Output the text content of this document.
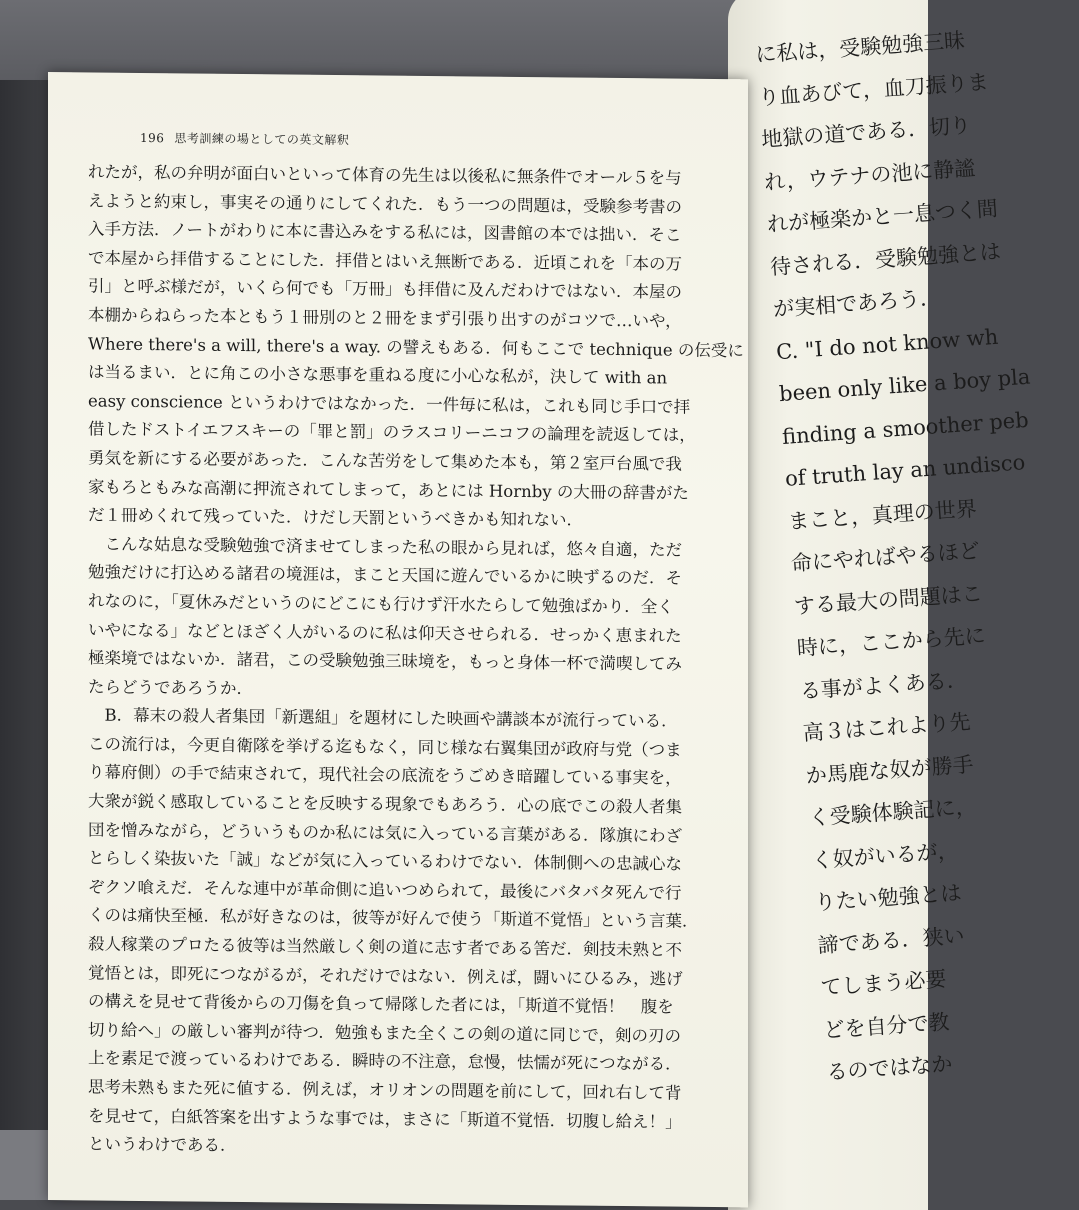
に私は，受験勉強三昧
り血あびて，血刀振りま
地獄の道である．切り
れ，ウテナの池に静謐
れが極楽かと一息つく間
待される．受験勉強とは
が実相であろう．
C. "I do not know wh
been only like a boy pla
finding a smoother peb
of truth lay an undisco
まこと，真理の世界
命にやればやるほど
する最大の問題はこ
時に，ここから先に
る事がよくある．
高３はこれより先
か馬鹿な奴が勝手
く受験体験記に，
く奴がいるが，
りたい勉強とは
諦である．狭い
てしまう必要
どを自分で教
るのではなか
196 思考訓練の場としての英文解釈
れたが，私の弁明が面白いといって体育の先生は以後私に無条件でオール５を与
えようと約束し，事実その通りにしてくれた．もう一つの問題は，受験参考書の
入手方法．ノートがわりに本に書込みをする私には，図書館の本では拙い．そこ
で本屋から拝借することにした．拝借とはいえ無断である．近頃これを「本の万
引」と呼ぶ様だが，いくら何でも「万冊」も拝借に及んだわけではない．本屋の
本棚からねらった本ともう１冊別のと２冊をまず引張り出すのがコツで…いや，
Where there's a will, there's a way. の譬えもある．何もここで technique の伝受に
は当るまい．とに角この小さな悪事を重ねる度に小心な私が，決して with an
easy conscience というわけではなかった．一件毎に私は，これも同じ手口で拝
借したドストイエフスキーの「罪と罰」のラスコリーニコフの論理を読返しては，
勇気を新にする必要があった．こんな苦労をして集めた本も，第２室戸台風で我
家もろともみな高潮に押流されてしまって，あとには Hornby の大冊の辞書がた
だ１冊めくれて残っていた．けだし天罰というべきかも知れない．
　こんな姑息な受験勉強で済ませてしまった私の眼から見れば，悠々自適，ただ
勉強だけに打込める諸君の境涯は，まこと天国に遊んでいるかに映ずるのだ．そ
れなのに，「夏休みだというのにどこにも行けず汗水たらして勉強ばかり．全く
いやになる」などとほざく人がいるのに私は仰天させられる．せっかく恵まれた
極楽境ではないか．諸君，この受験勉強三昧境を，もっと身体一杯で満喫してみ
たらどうであろうか．
　B．幕末の殺人者集団「新選組」を題材にした映画や講談本が流行っている．
この流行は，今更自衛隊を挙げる迄もなく，同じ様な右翼集団が政府与党（つま
り幕府側）の手で結束されて，現代社会の底流をうごめき暗躍している事実を，
大衆が鋭く感取していることを反映する現象でもあろう．心の底でこの殺人者集
団を憎みながら，どういうものか私には気に入っている言葉がある．隊旗にわざ
とらしく染抜いた「誠」などが気に入っているわけでない．体制側への忠誠心な
ぞクソ喰えだ．そんな連中が革命側に追いつめられて，最後にバタバタ死んで行
くのは痛快至極．私が好きなのは，彼等が好んで使う「斯道不覚悟」という言葉．
殺人稼業のプロたる彼等は当然厳しく剣の道に志す者である筈だ．剣技未熟と不
覚悟とは，即死につながるが，それだけではない．例えば，闘いにひるみ，逃げ
の構えを見せて背後からの刀傷を負って帰隊した者には，「斯道不覚悟！　腹を
切り給へ」の厳しい審判が待つ．勉強もまた全くこの剣の道に同じで，剣の刃の
上を素足で渡っているわけである．瞬時の不注意，怠慢，怯懦が死につながる．
思考未熟もまた死に値する．例えば，オリオンの問題を前にして，回れ右して背
を見せて，白紙答案を出すような事では，まさに「斯道不覚悟．切腹し給え！」
というわけである．
